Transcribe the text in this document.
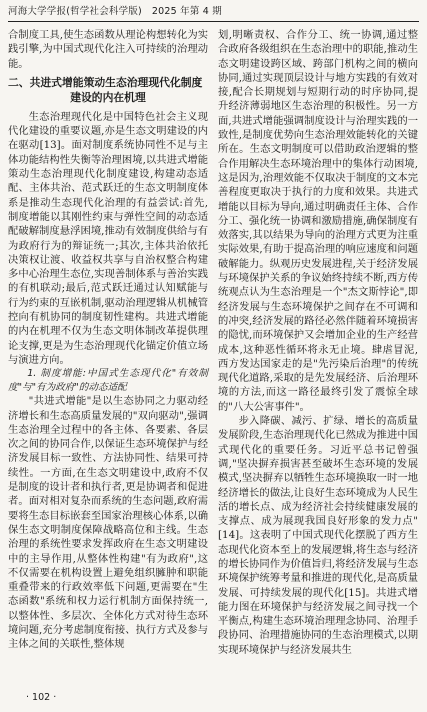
河海大学学报(哲学社会科学版) 2025 年第 4 期

合制度工具,使生态函数从理论构想转化为实践引擎,为中国式现代化注入可持续的治理动能。

二、共进式增能策动生态治理现代化制度
建设的内在机理

生态治理现代化是中国特色社会主义现代化建设的重要议题,亦是生态文明建设的内在驱动[13]。面对制度系统协同性不足与主体功能结构性失衡等治理困境,以共进式增能策动生态治理现代化制度建设,构建动态适配、主体共治、范式跃迁的生态文明制度体系是推动生态现代化治理的有益尝试:首先,制度增能以其刚性约束与弹性空间的动态适配破解制度悬浮困境,推动有效制度供给与有为政府行为的辩证统一;其次,主体共治依托决策权让渡、收益权共享与自治权整合构建多中心治理生态位,实现善制体系与善治实践的有机联动;最后,范式跃迁通过认知赋能与行为约束的互嵌机制,驱动治理逻辑从机械管控向有机协同的制度韧性建构。共进式增能的内在机理不仅为生态文明体制改革提供理论支撑,更是为生态治理现代化锚定价值立场与演进方向。

1. 制度增能:中国式生态现代化"有效制度"与"有为政府"的动态适配

"共进式增能"是以生态协同之力驱动经济增长和生态高质量发展的"双向驱动",强调生态治理全过程中的各主体、各要素、各层次之间的协同合作,以保证生态环境保护与经济发展目标一致性、方法协同性、结果可持续性。一方面,在生态文明建设中,政府不仅是制度的设计者和执行者,更是协调者和促进者。面对相对复杂而系统的生态问题,政府需要将生态目标嵌套至国家治理核心体系,以确保生态文明制度保障战略高位和主线。生态治理的系统性要求发挥政府在生态文明建设中的主导作用,从整体性构建"有为政府",这不仅需要在机构设置上避免组织臃肿和职能重叠带来的行政效率低下问题,更需要在"生态函数"系统和权力运行机制方面保持统一,以整体性、多层次、全体化方式对待生态环境问题,充分考虑制度衔接、执行方式及参与主体之间的关联性,整体规

划,明晰责权、合作分工、统一协调,通过整合政府各级组织在生态治理中的职能,推动生态文明建设跨区域、跨部门机构之间的横向协同,通过实现顶层设计与地方实践的有效对接,配合长期规划与短期行动的时序协同,提升经济薄弱地区生态治理的积极性。另一方面,共进式增能强调制度设计与治理实践的一致性,是制度优势向生态治理效能转化的关键所在。生态文明制度可以借助政治逻辑的整合作用解决生态环境治理中的集体行动困境,这是因为,治理效能不仅取决于制度的文本完善程度更取决于执行的力度和效果。共进式增能以目标为导向,通过明确责任主体、合作分工、强化统一协调和激励措施,确保制度有效落实,其以结果为导向的治理方式更为注重实际效果,有助于提高治理的响应速度和问题破解能力。纵观历史发展进程,关于经济发展与环境保护关系的争议始终持续不断,西方传统观点认为生态治理是一个"杰文斯悖论",即经济发展与生态环境保护之间存在不可调和的冲突,经济发展的路径必然伴随着环境损害的隐忧,而环境保护又会增加企业的生产经营成本,这种恶性循环将永无止境。肆虐冒泥,西方发达国家走的是"先污染后治理"的传统现代化道路,采取的是先发展经济、后治理环境的方法,而这一路径最终引发了震惊全球的"八大公害事件"。

步入降碳、减污、扩绿、增长的高质量发展阶段,生态治理现代化已然成为推进中国式现代化的重要任务。习近平总书记曾强调,"坚决摒弃损害甚至破坏生态环境的发展模式,坚决摒弃以牺牲生态环境换取一时一地经济增长的做法,让良好生态环境成为人民生活的增长点、成为经济社会持续健康发展的支撑点、成为展现我国良好形象的发力点"[14]。这表明了中国式现代化摆脱了西方生态现代化资本至上的发展逻辑,将生态与经济的增长协同作为价值旨归,将经济发展与生态环境保护统筹考量和推进的现代化,是高质量发展、可持续发展的现代化[15]。共进式增能力图在环境保护与经济发展之间寻找一个平衡点,构建生态环境治理理念协同、治理手段协同、治理措施协同的生态治理模式,以期实现环境保护与经济发展共生

· 102 ·
